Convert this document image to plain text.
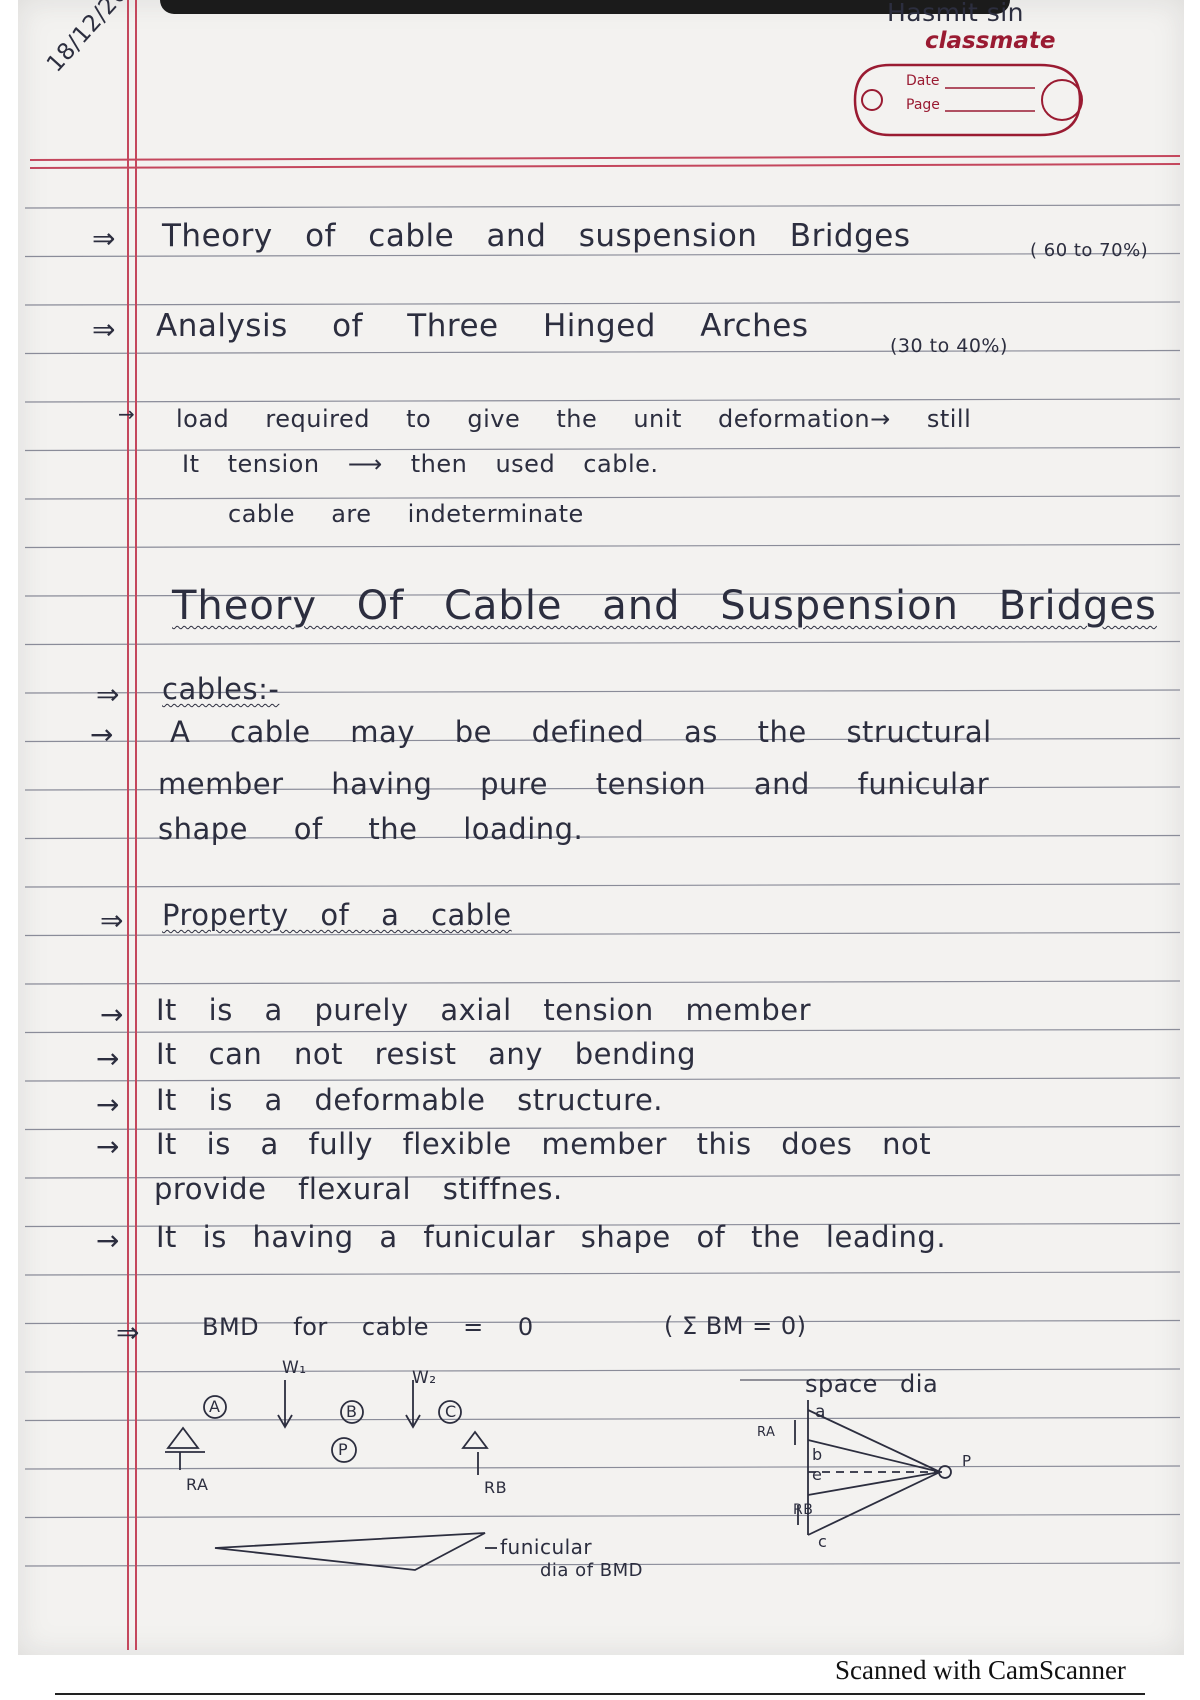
Hasmit sin
classmate
Date
Page
⇒ Theory of cable and suspension Bridges	( 60 to 70%)
⇒ Analysis of Three Hinged Arches
(30 to 40%)
→ load required to give the unit deformation→ still
It tension ⟶ then used cable.
cable are indeterminate
Theory Of Cable and Suspension Bridges
⇒ cables:-
→ A cable may be defined as the structural
member having pure tension and funicular
shape of the loading.
⇒ Property of a cable
→ It is a purely axial tension member
→ It can not resist any bending
→ It is a deformable structure.
→ It is a fully flexible member this does not
provide flexural stiffnes.
→ It is having a funicular shape of the leading.
⇒	BMD for cable = 0	( Σ BM = 0)
W₁	W₂
A	B
P
C
RA	RB
funicular
dia of BMD
space dia
a
b
e
c
P
RA
RB
Scanned with CamScanner
